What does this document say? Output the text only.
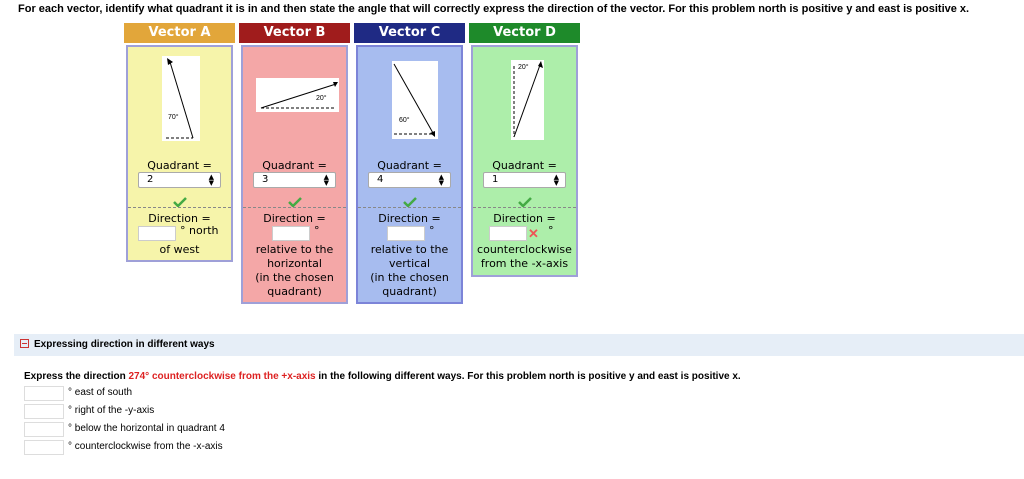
For each vector, identify what quadrant it is in and then state the angle that will correctly express the direction of the vector. For this problem north is positive y and east is positive x.
Vector A
70°
Quadrant =
2	▲
▼
Direction =
° north
of west
Vector B
20°
Quadrant =
3	▲
▼
Direction =
°
relative to the
horizontal
(in the chosen
quadrant)
Vector C
60°
Quadrant =
4	▲
▼
Direction =
°
relative to the
vertical
(in the chosen
quadrant)
Vector D
20°
Quadrant =
1	▲
▼
Direction =
✕ °
counterclockwise
from the -x-axis
Expressing direction in different ways
Express the direction 274° counterclockwise from the +x-axis in the following different ways. For this problem north is positive y and east is positive x.
° east of south
° right of the -y-axis
° below the horizontal in quadrant 4
° counterclockwise from the -x-axis
